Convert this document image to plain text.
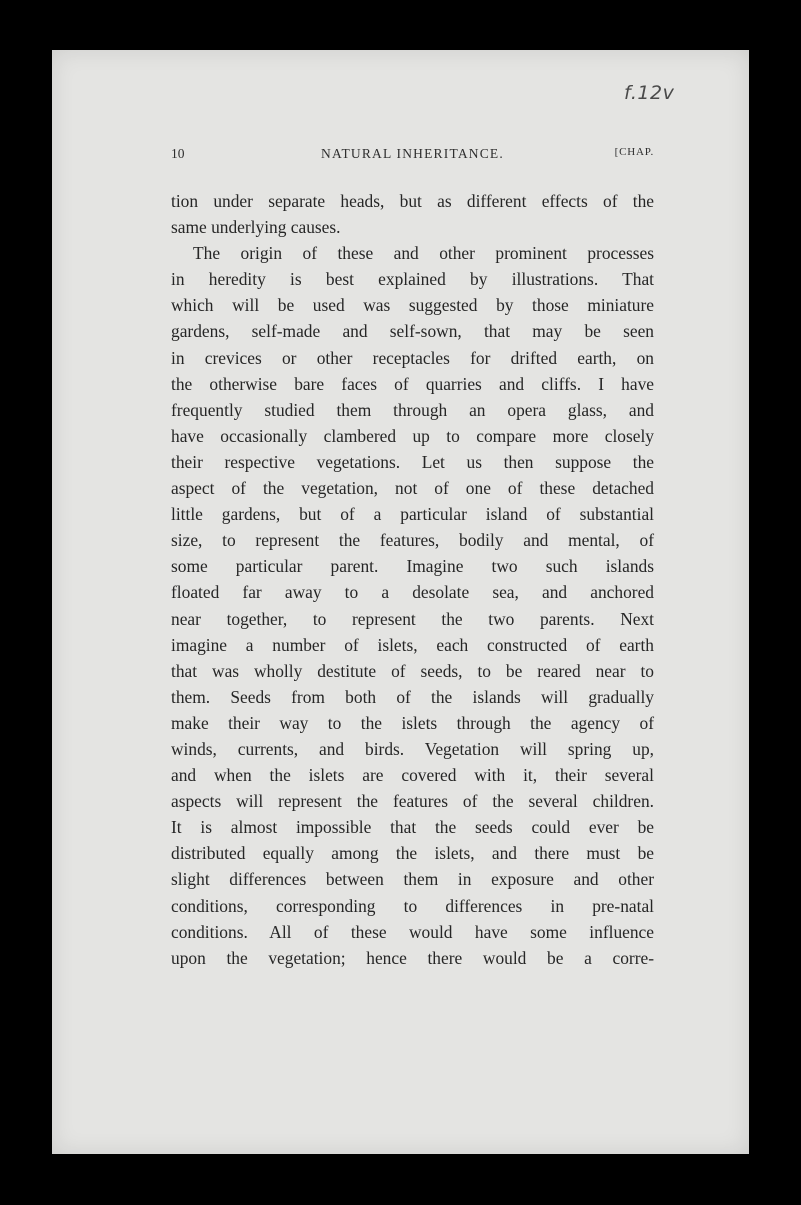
f.12v
10	NATURAL INHERITANCE.	[CHAP.
tion under separate heads, but as different effects of the
same underlying causes.
The origin of these and other prominent processes
in heredity is best explained by illustrations. That
which will be used was suggested by those miniature
gardens, self-made and self-sown, that may be seen
in crevices or other receptacles for drifted earth, on
the otherwise bare faces of quarries and cliffs. I have
frequently studied them through an opera glass, and
have occasionally clambered up to compare more closely
their respective vegetations. Let us then suppose the
aspect of the vegetation, not of one of these detached
little gardens, but of a particular island of substantial
size, to represent the features, bodily and mental, of
some particular parent. Imagine two such islands
floated far away to a desolate sea, and anchored
near together, to represent the two parents. Next
imagine a number of islets, each constructed of earth
that was wholly destitute of seeds, to be reared near to
them. Seeds from both of the islands will gradually
make their way to the islets through the agency of
winds, currents, and birds. Vegetation will spring up,
and when the islets are covered with it, their several
aspects will represent the features of the several children.
It is almost impossible that the seeds could ever be
distributed equally among the islets, and there must be
slight differences between them in exposure and other
conditions, corresponding to differences in pre-natal
conditions. All of these would have some influence
upon the vegetation; hence there would be a corre-
